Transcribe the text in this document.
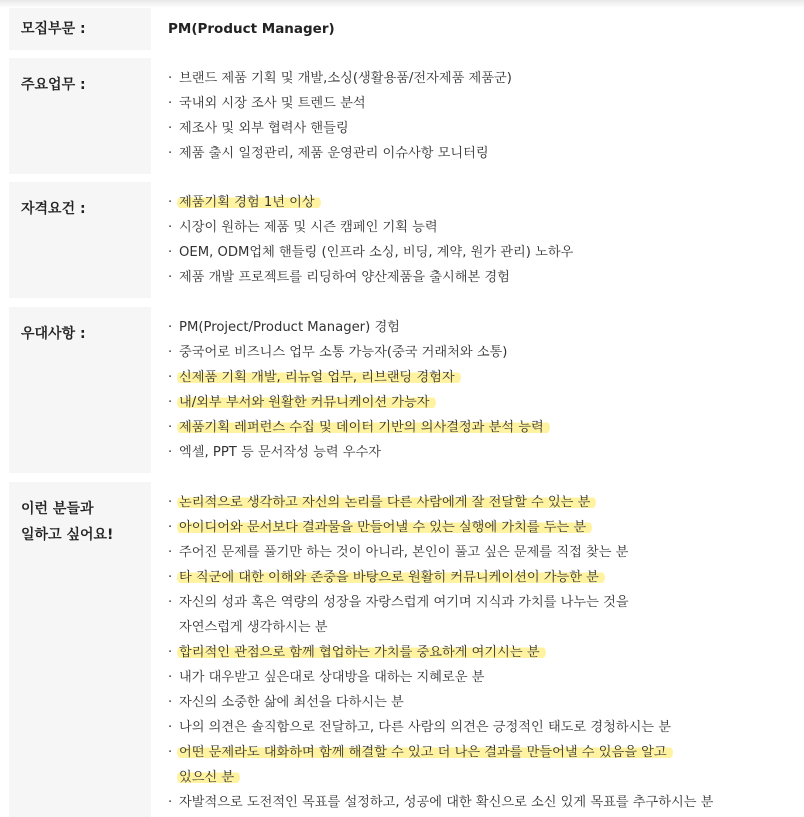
모집부문 :	PM(Product Manager)
주요업무 :	· 브랜드 제품 기획 및 개발,소싱(생활용품/전자제품 제품군)
· 국내외 시장 조사 및 트렌드 분석
· 제조사 및 외부 협력사 핸들링
· 제품 출시 일정관리, 제품 운영관리 이슈사항 모니터링
자격요건 :	· 제품기획 경험 1년 이상
· 시장이 원하는 제품 및 시즌 캠페인 기획 능력
· OEM, ODM업체 핸들링 (인프라 소싱, 비딩, 계약, 원가 관리) 노하우
· 제품 개발 프로젝트를 리딩하여 양산제품을 출시해본 경험
우대사항 :	· PM(Project/Product Manager) 경험
· 중국어로 비즈니스 업무 소통 가능자(중국 거래처와 소통)
· 신제품 기획 개발, 리뉴얼 업무, 리브랜딩 경험자
· 내/외부 부서와 원활한 커뮤니케이션 가능자
· 제품기획 레퍼런스 수집 및 데이터 기반의 의사결정과 분석 능력
· 엑셀, PPT 등 문서작성 능력 우수자
이런 분들과
일하고 싶어요!
· 논리적으로 생각하고 자신의 논리를 다른 사람에게 잘 전달할 수 있는 분
· 아이디어와 문서보다 결과물을 만들어낼 수 있는 실행에 가치를 두는 분
· 주어진 문제를 풀기만 하는 것이 아니라, 본인이 풀고 싶은 문제를 직접 찾는 분
· 타 직군에 대한 이해와 존중을 바탕으로 원활히 커뮤니케이션이 가능한 분
· 자신의 성과 혹은 역량의 성장을 자랑스럽게 여기며 지식과 가치를 나누는 것을
자연스럽게 생각하시는 분
· 합리적인 관점으로 함께 협업하는 가치를 중요하게 여기시는 분
· 내가 대우받고 싶은대로 상대방을 대하는 지혜로운 분
· 자신의 소중한 삶에 최선을 다하시는 분
· 나의 의견은 솔직함으로 전달하고, 다른 사람의 의견은 긍정적인 태도로 경청하시는 분
· 어떤 문제라도 대화하며 함께 해결할 수 있고 더 나은 결과를 만들어낼 수 있음을 알고
있으신 분
· 자발적으로 도전적인 목표를 설정하고, 성공에 대한 확신으로 소신 있게 목표를 추구하시는 분
